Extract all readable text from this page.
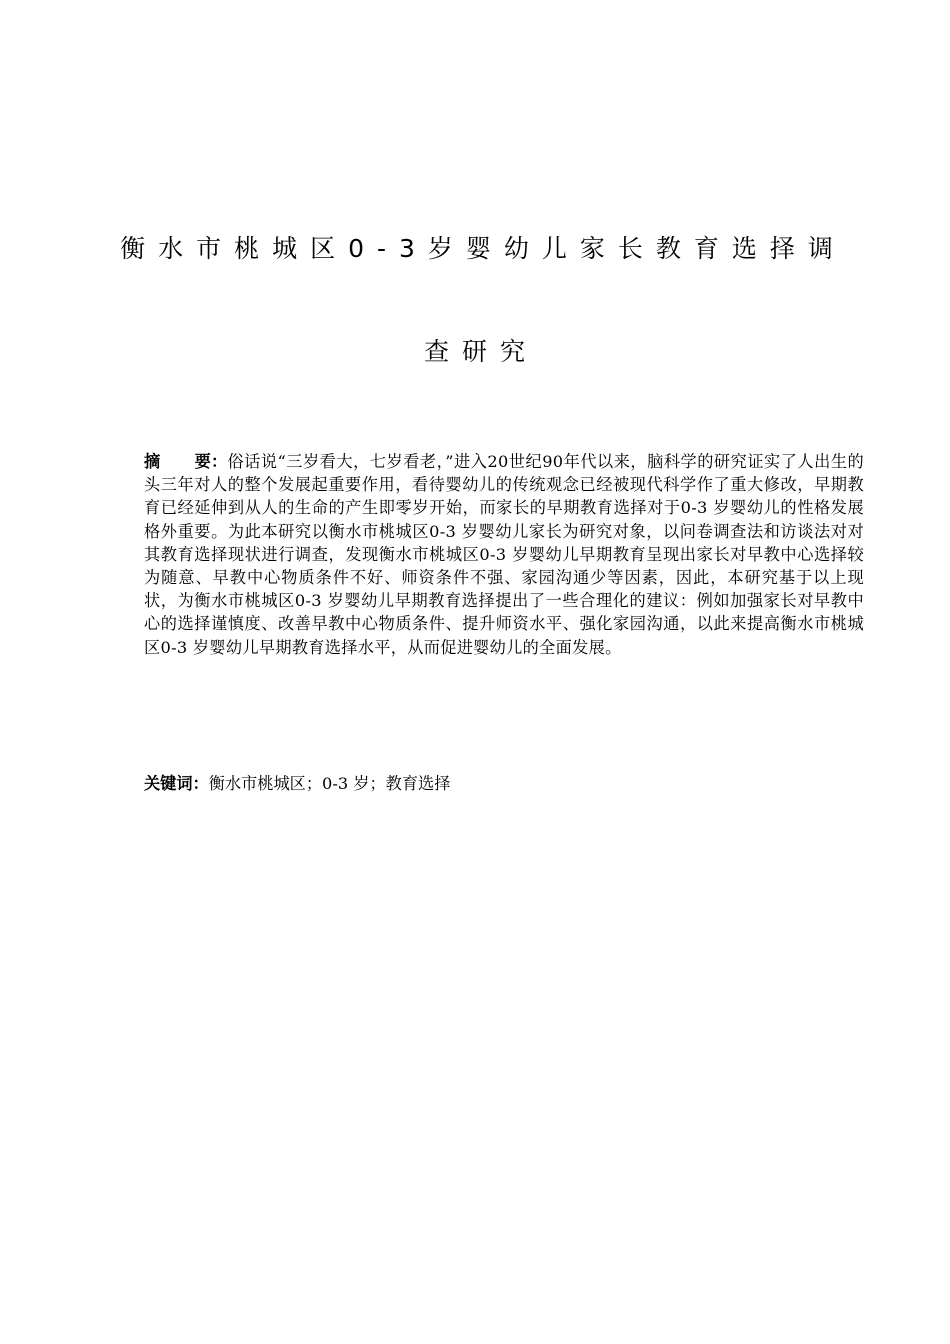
衡水市桃城区0-3岁婴幼儿家长教育选择调
查研究
摘 要：俗话说“三岁看大，七岁看老，”进入20世纪90年代以来，脑科学的研究证实了人出生的头三年对人的整个发展起重要作用，看待婴幼儿的传统观念已经被现代科学作了重大修改，早期教育已经延伸到从人的生命的产生即零岁开始，而家长的早期教育选择对于0-3 岁婴幼儿的性格发展格外重要。为此本研究以衡水市桃城区0-3 岁婴幼儿家长为研究对象，以问卷调查法和访谈法对对其教育选择现状进行调查，发现衡水市桃城区0-3 岁婴幼儿早期教育呈现出家长对早教中心选择较为随意、早教中心物质条件不好、师资条件不强、家园沟通少等因素，因此，本研究基于以上现状，为衡水市桃城区0-3 岁婴幼儿早期教育选择提出了一些合理化的建议：例如加强家长对早教中心的选择谨慎度、改善早教中心物质条件、提升师资水平、强化家园沟通，以此来提高衡水市桃城区0-3 岁婴幼儿早期教育选择水平，从而促进婴幼儿的全面发展。
关键词：衡水市桃城区；0-3 岁；教育选择
